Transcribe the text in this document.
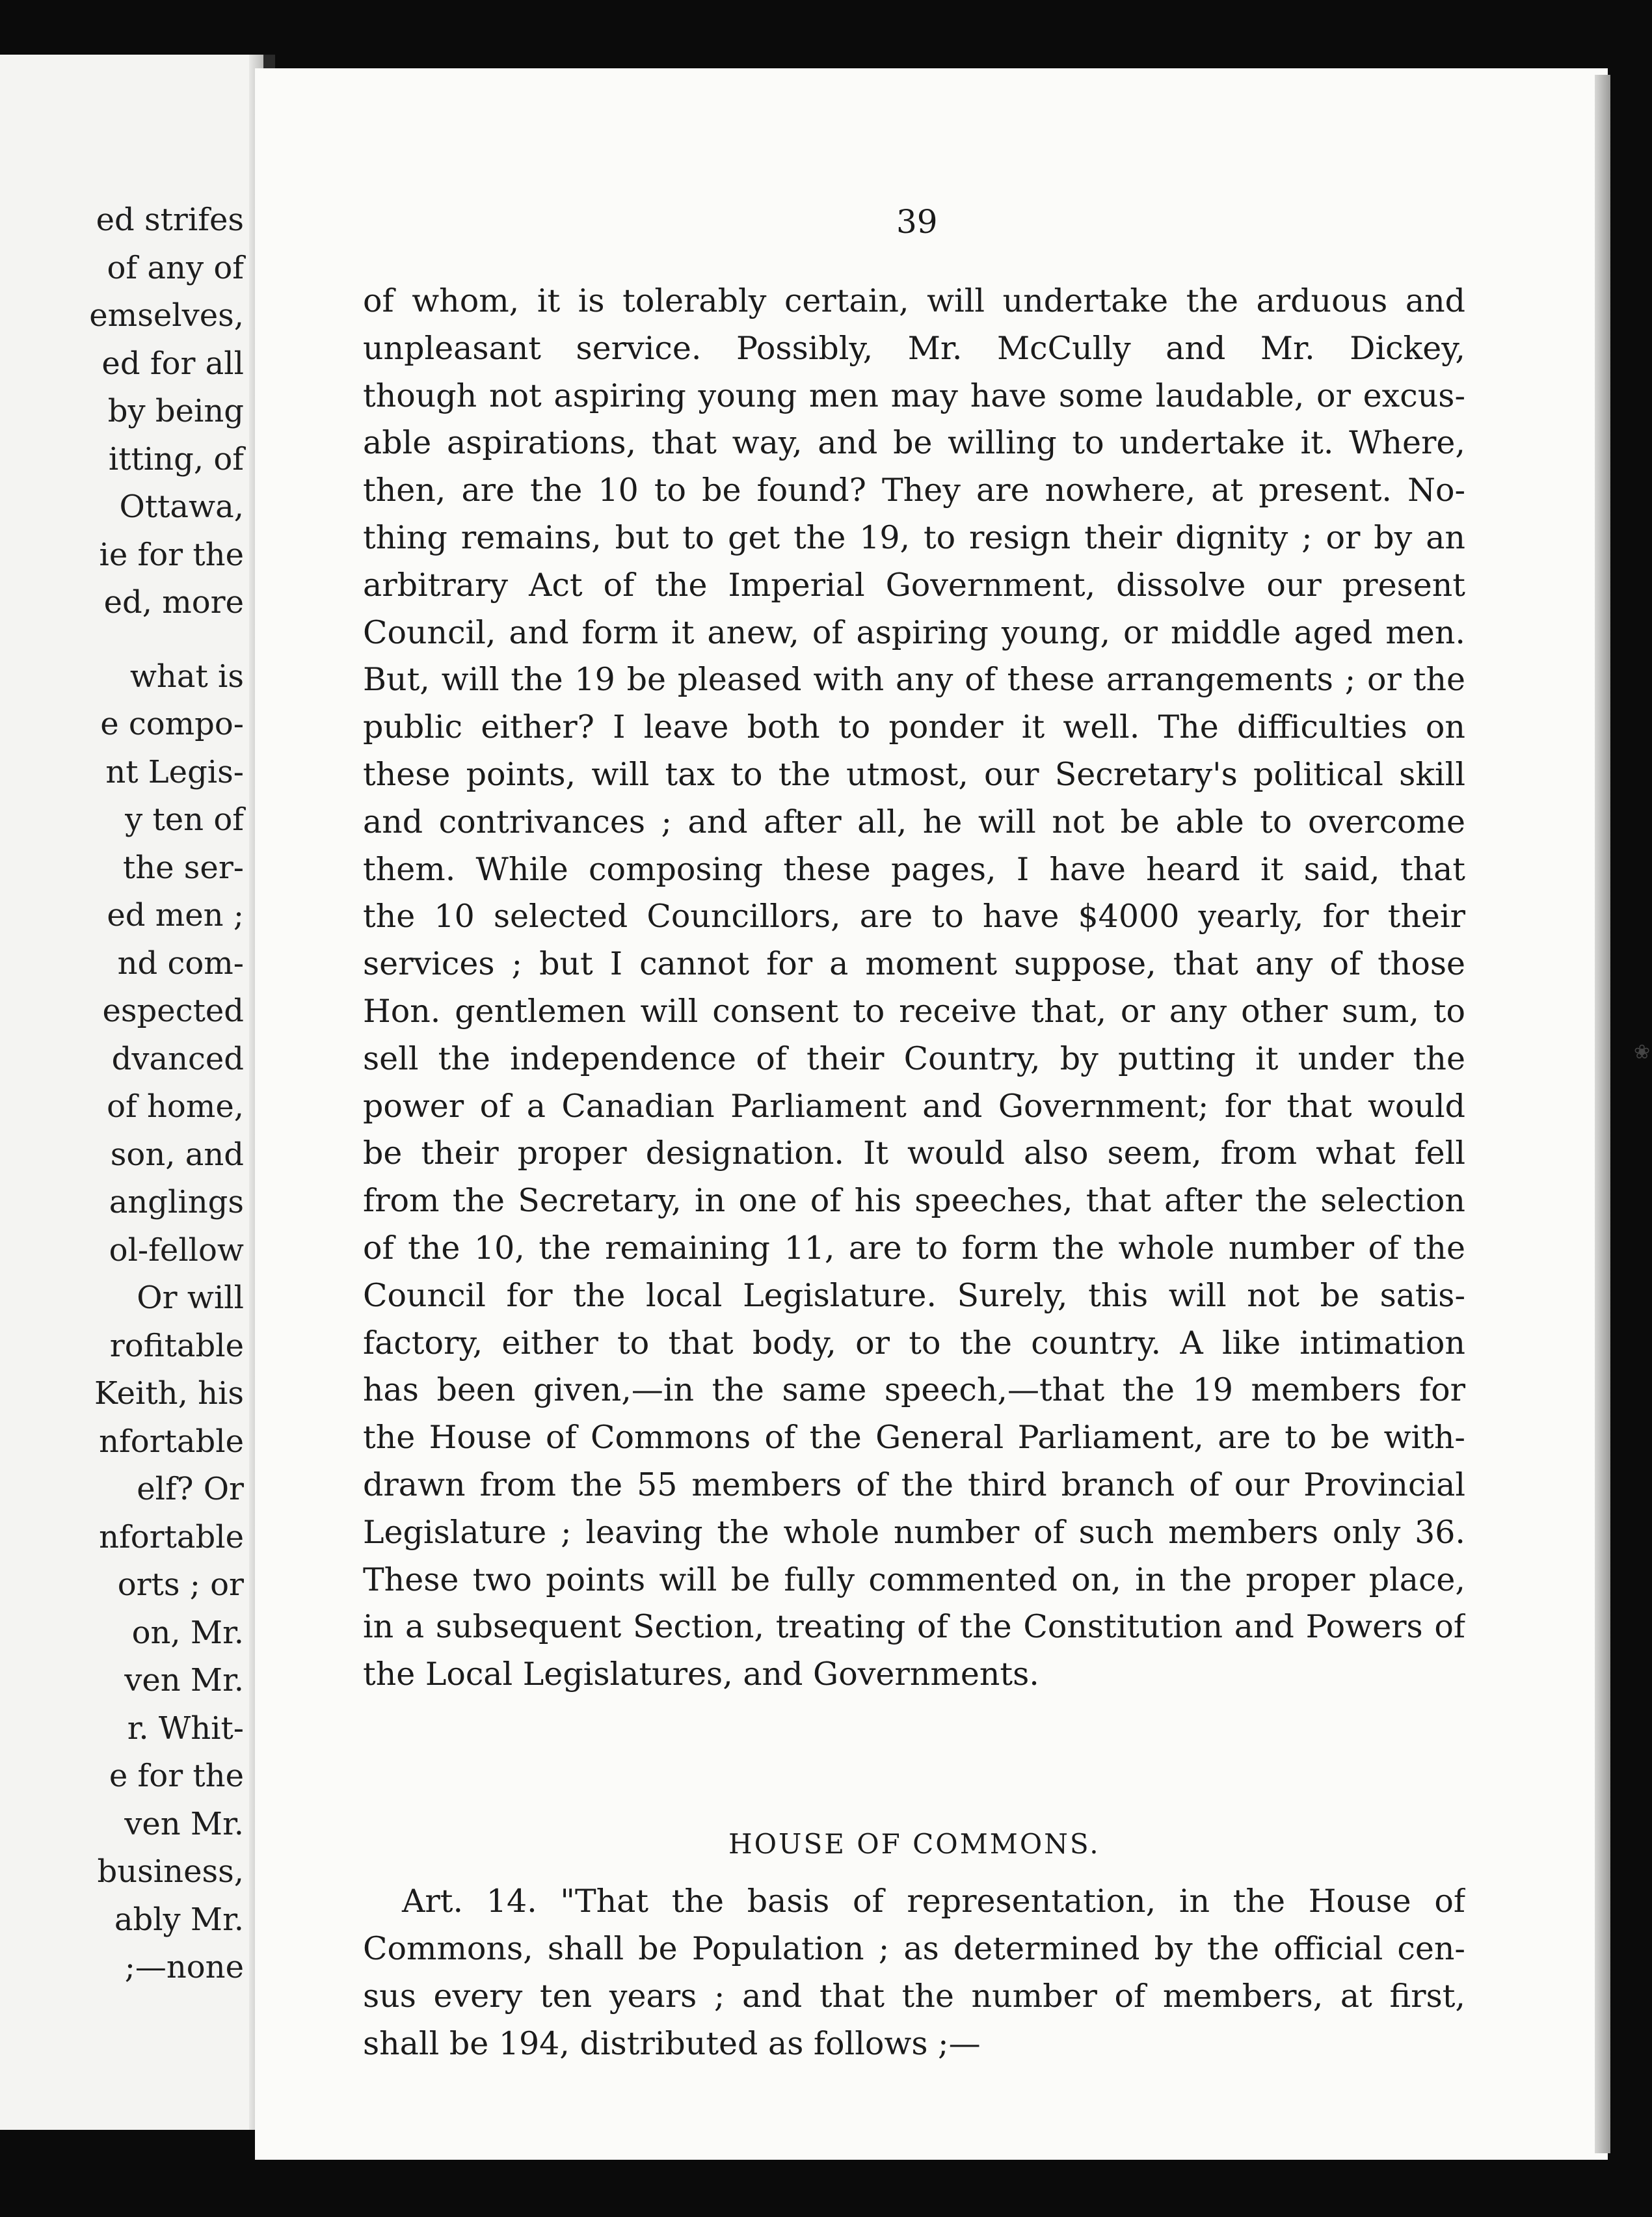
ed strifes
of any of
emselves,
ed for all
by being
itting, of
Ottawa,
ie for the
ed, more
what is
e compo-
nt Legis-
y ten of
the ser-
ed men ;
nd com-
espected
dvanced
of home,
son, and
anglings
ol-fellow
Or will
rofitable
Keith, his
nfortable
elf? Or
nfortable
orts ; or
on, Mr.
ven Mr.
r. Whit-
e for the
ven Mr.
business,
ably Mr.
;—none
39
of whom, it is tolerably certain, will undertake the arduous and
unpleasant service. Possibly, Mr. McCully and Mr. Dickey,
though not aspiring young men may have some laudable, or excus-
able aspirations, that way, and be willing to undertake it. Where,
then, are the 10 to be found? They are nowhere, at present. No-
thing remains, but to get the 19, to resign their dignity ; or by an
arbitrary Act of the Imperial Government, dissolve our present
Council, and form it anew, of aspiring young, or middle aged men.
But, will the 19 be pleased with any of these arrangements ; or the
public either? I leave both to ponder it well. The difficulties on
these points, will tax to the utmost, our Secretary's political skill
and contrivances ; and after all, he will not be able to overcome
them. While composing these pages, I have heard it said, that
the 10 selected Councillors, are to have $4000 yearly, for their
services ; but I cannot for a moment suppose, that any of those
Hon. gentlemen will consent to receive that, or any other sum, to
sell the independence of their Country, by putting it under the
power of a Canadian Parliament and Government; for that would
be their proper designation. It would also seem, from what fell
from the Secretary, in one of his speeches, that after the selection
of the 10, the remaining 11, are to form the whole number of the
Council for the local Legislature. Surely, this will not be satis-
factory, either to that body, or to the country. A like intimation
has been given,—in the same speech,—that the 19 members for
the House of Commons of the General Parliament, are to be with-
drawn from the 55 members of the third branch of our Provincial
Legislature ; leaving the whole number of such members only 36.
These two points will be fully commented on, in the proper place,
in a subsequent Section, treating of the Constitution and Powers of
the Local Legislatures, and Governments.
HOUSE OF COMMONS.
Art. 14. "That the basis of representation, in the House of
Commons, shall be Population ; as determined by the official cen-
sus every ten years ; and that the number of members, at first,
shall be 194, distributed as follows ;—
❀
